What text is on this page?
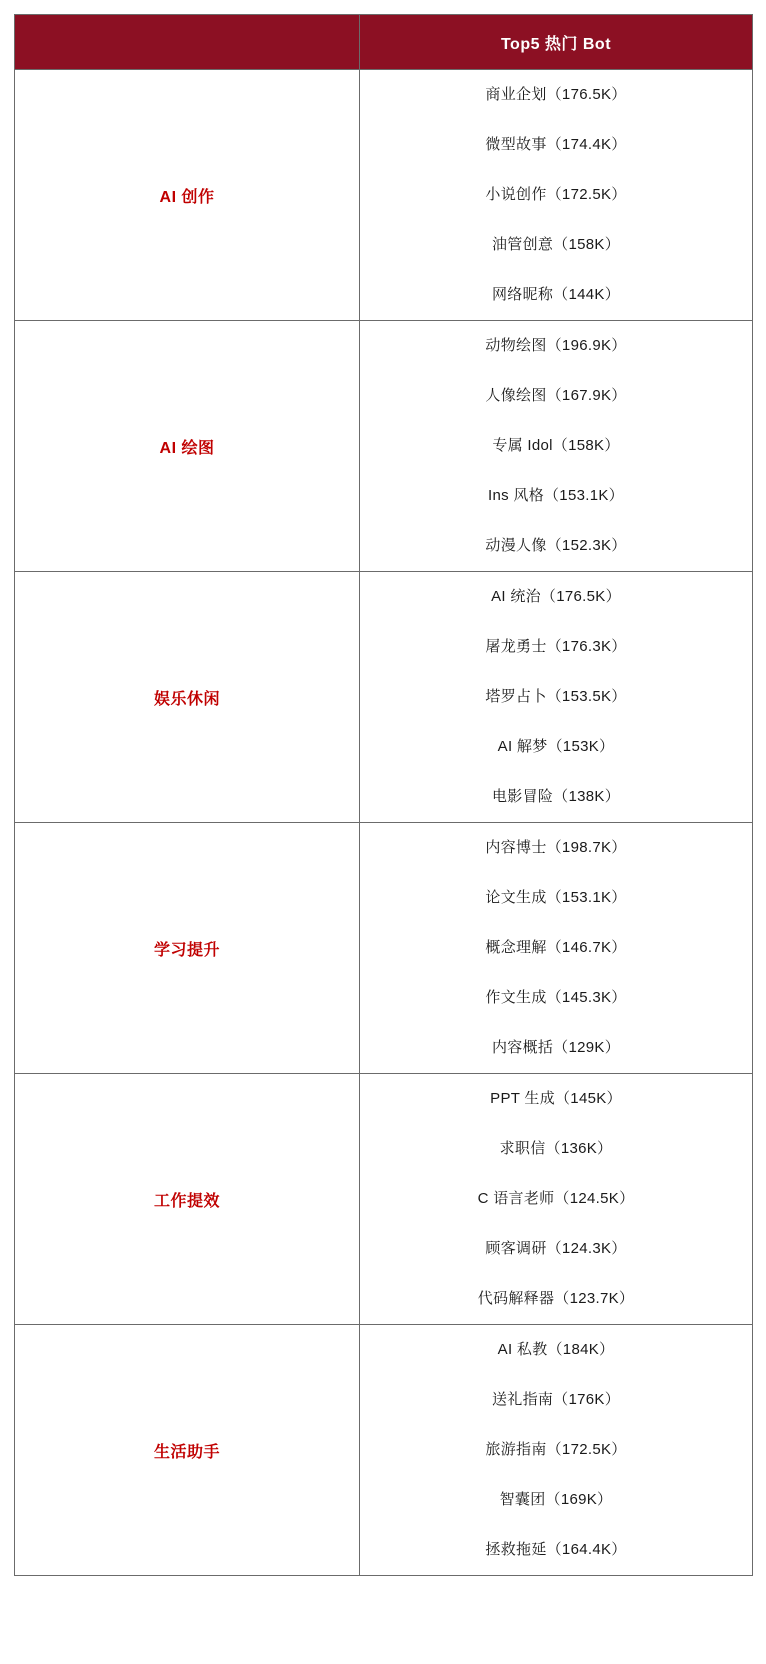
	Top5 热门 Bot
AI 创作	
商业企划（176.5K）
微型故事（174.4K）
小说创作（172.5K）
油管创意（158K）
网络昵称（144K）

AI 绘图	
动物绘图（196.9K）
人像绘图（167.9K）
专属 Idol（158K）
Ins 风格（153.1K）
动漫人像（152.3K）

娱乐休闲	
AI 统治（176.5K）
屠龙勇士（176.3K）
塔罗占卜（153.5K）
AI 解梦（153K）
电影冒险（138K）

学习提升	
内容博士（198.7K）
论文生成（153.1K）
概念理解（146.7K）
作文生成（145.3K）
内容概括（129K）

工作提效	
PPT 生成（145K）
求职信（136K）
C 语言老师（124.5K）
顾客调研（124.3K）
代码解释器（123.7K）

生活助手	
AI 私教（184K）
送礼指南（176K）
旅游指南（172.5K）
智囊团（169K）
拯救拖延（164.4K）
